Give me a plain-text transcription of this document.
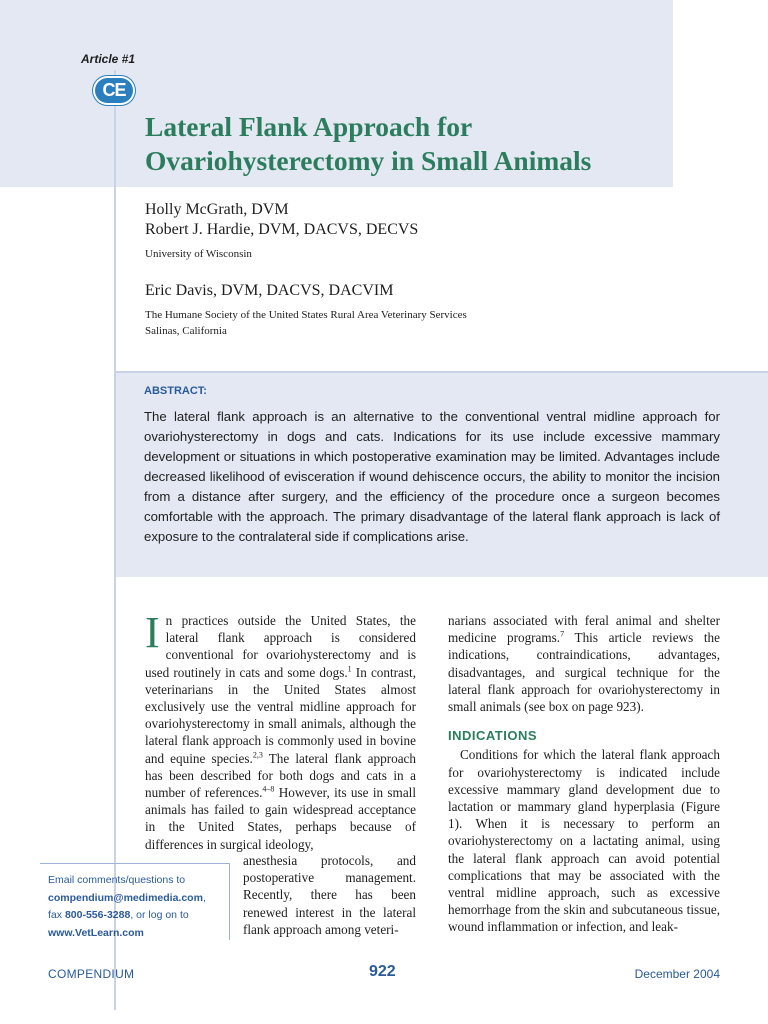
Article #1
CE
Lateral Flank Approach for
Ovariohysterectomy in Small Animals
Holly McGrath, DVM
Robert J. Hardie, DVM, DACVS, DECVS
University of Wisconsin
Eric Davis, DVM, DACVS, DACVIM
The Humane Society of the United States Rural Area Veterinary Services
Salinas, California
ABSTRACT:
The lateral flank approach is an alternative to the conventional ventral midline approach for ovariohysterectomy in dogs and cats. Indications for its use include excessive mammary development or situations in which postoperative examination may be limited. Advantages include decreased likelihood of evisceration if wound dehiscence occurs, the ability to monitor the incision from a distance after surgery, and the efficiency of the procedure once a surgeon becomes comfortable with the approach. The primary disadvantage of the lateral flank approach is lack of exposure to the contralateral side if complications arise.
In practices outside the United States, the lateral flank approach is considered conventional for ovariohysterectomy and is used routinely in cats and some dogs.$^1$ In contrast, veterinarians in the United States almost exclusively use the ventral midline approach for ovariohysterectomy in small animals, although the lateral flank approach is commonly used in bovine and equine species.$^{2,3}$ The lateral flank approach has been described for both dogs and cats in a number of references.$^{4-8}$ However, its use in small animals has failed to gain widespread acceptance in the United States, perhaps because of differences in surgical ideology,
anesthesia protocols, and postoperative management. Recently, there has been renewed interest in the lateral flank approach among veteri-
narians associated with feral animal and shelter medicine programs.$^7$ This article reviews the indications, contraindications, advantages, disadvantages, and surgical technique for the lateral flank approach for ovariohysterectomy in small animals (see box on page 923).
INDICATIONS
Conditions for which the lateral flank approach for ovariohysterectomy is indicated include excessive mammary gland development due to lactation or mammary gland hyperplasia (Figure 1). When it is necessary to perform an ovariohysterectomy on a lactating animal, using the lateral flank approach can avoid potential complications that may be associated with the ventral midline approach, such as excessive hemorrhage from the skin and subcutaneous tissue, wound inflammation or infection, and leak-
Email comments/questions to
compendium@medimedia.com,
fax 800-556-3288, or log on to
www.VetLearn.com
COMPENDIUM	922	December 2004
